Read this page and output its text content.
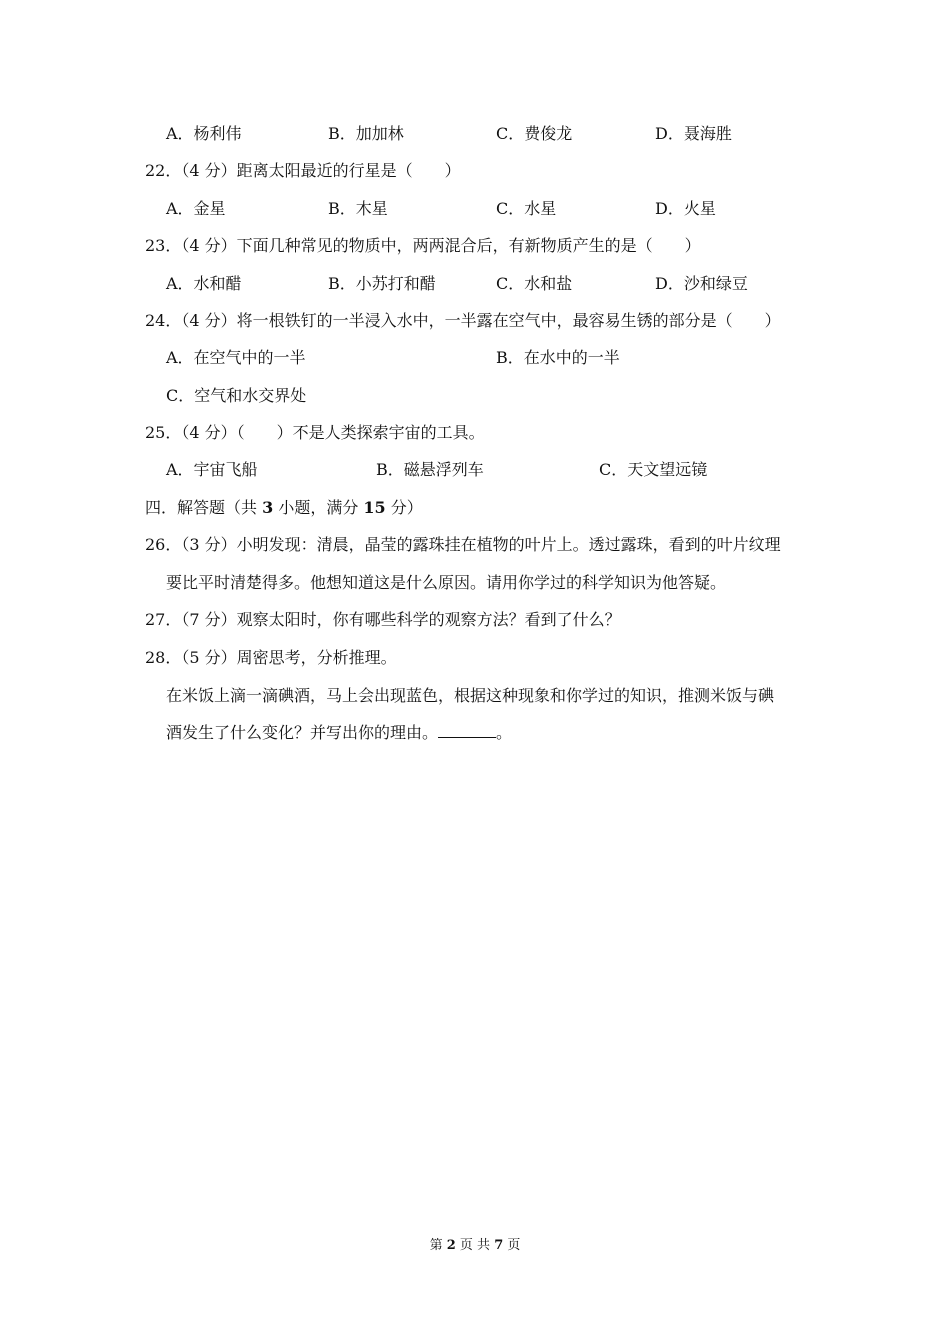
A．杨利伟	B．加加林	C．费俊龙	D．聂海胜
22．（4 分）距离太阳最近的行星是（　　）
A．金星	B．木星	C．水星	D．火星
23．（4 分）下面几种常见的物质中，两两混合后，有新物质产生的是（　　）
A．水和醋	B．小苏打和醋	C．水和盐	D．沙和绿豆
24．（4 分）将一根铁钉的一半浸入水中，一半露在空气中，最容易生锈的部分是（　　）
A．在空气中的一半	B．在水中的一半
C．空气和水交界处
25．（4 分）（　　）不是人类探索宇宙的工具。
A．宇宙飞船	B．磁悬浮列车	C．天文望远镜
四．解答题（共 3 小题，满分 15 分）
26．（3 分）小明发现：清晨，晶莹的露珠挂在植物的叶片上。透过露珠，看到的叶片纹理
要比平时清楚得多。他想知道这是什么原因。请用你学过的科学知识为他答疑。
27．（7 分）观察太阳时，你有哪些科学的观察方法？看到了什么？
28．（5 分）周密思考，分析推理。
在米饭上滴一滴碘酒，马上会出现蓝色，根据这种现象和你学过的知识，推测米饭与碘
酒发生了什么变化？并写出你的理由。	。
第 2 页 共 7 页
